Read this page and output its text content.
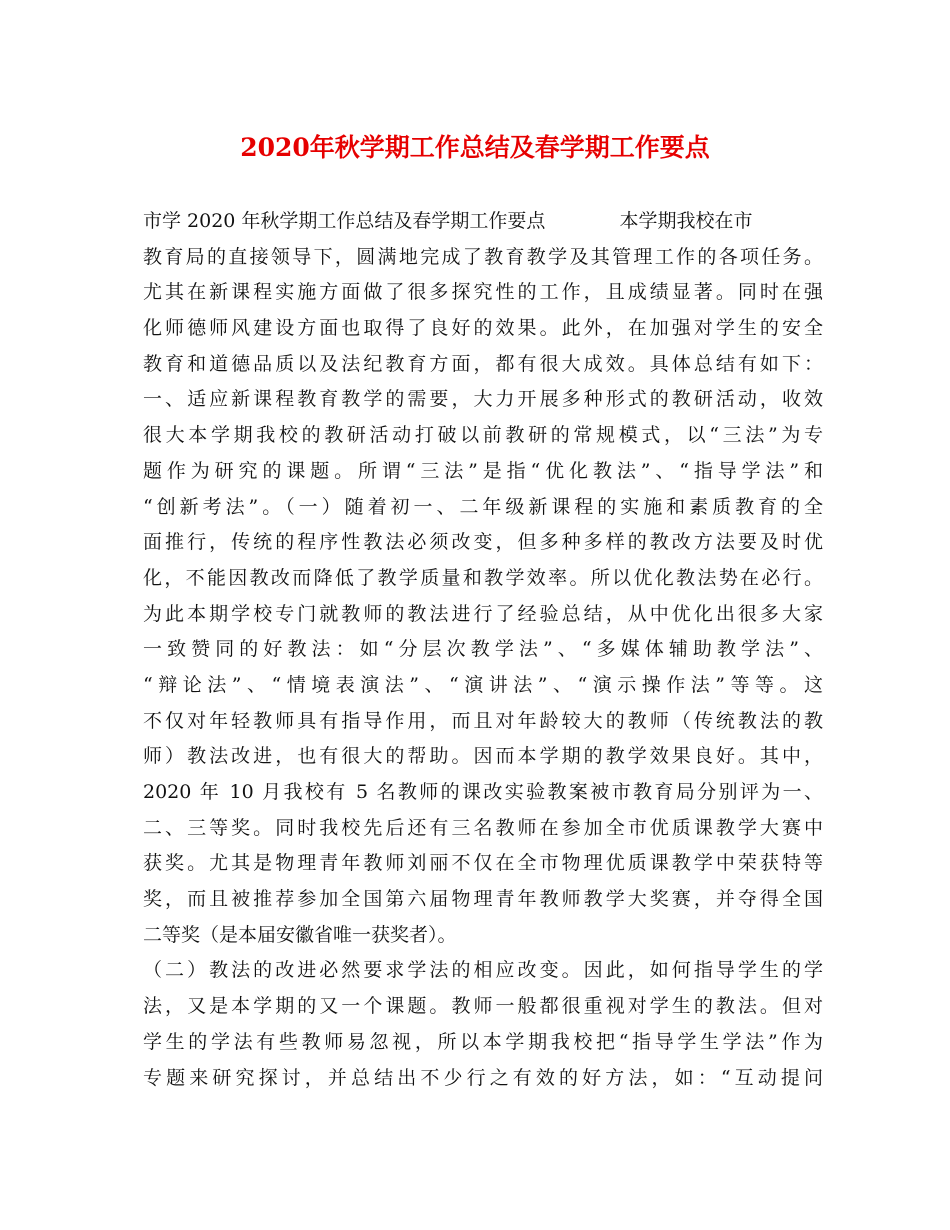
2020年秋学期工作总结及春学期工作要点
市学 2020 年秋学期工作总结及春学期工作要点	本学期我校在市
教育局的直接领导下，圆满地完成了教育教学及其管理工作的各项任务。
尤其在新课程实施方面做了很多探究性的工作，且成绩显著。同时在强
化师德师风建设方面也取得了良好的效果。此外，在加强对学生的安全
教育和道德品质以及法纪教育方面，都有很大成效。具体总结有如下：
一、适应新课程教育教学的需要，大力开展多种形式的教研活动，收效
很大本学期我校的教研活动打破以前教研的常规模式，以“三法”为专
题作为研究的课题。所谓“三法”是指“优化教法”、“指导学法”和
“创新考法”。（一）随着初一、二年级新课程的实施和素质教育的全
面推行，传统的程序性教法必须改变，但多种多样的教改方法要及时优
化，不能因教改而降低了教学质量和教学效率。所以优化教法势在必行。
为此本期学校专门就教师的教法进行了经验总结，从中优化出很多大家
一致赞同的好教法：如“分层次教学法”、“多媒体辅助教学法”、
“辩论法”、“情境表演法”、“演讲法”、“演示操作法”等等。这
不仅对年轻教师具有指导作用，而且对年龄较大的教师（传统教法的教
师）教法改进，也有很大的帮助。因而本学期的教学效果良好。其中，
2020 年 10 月我校有 5 名教师的课改实验教案被市教育局分别评为一、
二、三等奖。同时我校先后还有三名教师在参加全市优质课教学大赛中
获奖。尤其是物理青年教师刘丽不仅在全市物理优质课教学中荣获特等
奖，而且被推荐参加全国第六届物理青年教师教学大奖赛，并夺得全国
二等奖（是本届安徽省唯一获奖者）。
（二）教法的改进必然要求学法的相应改变。因此，如何指导学生的学
法，又是本学期的又一个课题。教师一般都很重视对学生的教法。但对
学生的学法有些教师易忽视，所以本学期我校把“指导学生学法”作为
专题来研究探讨，并总结出不少行之有效的好方法，如：“互动提问
